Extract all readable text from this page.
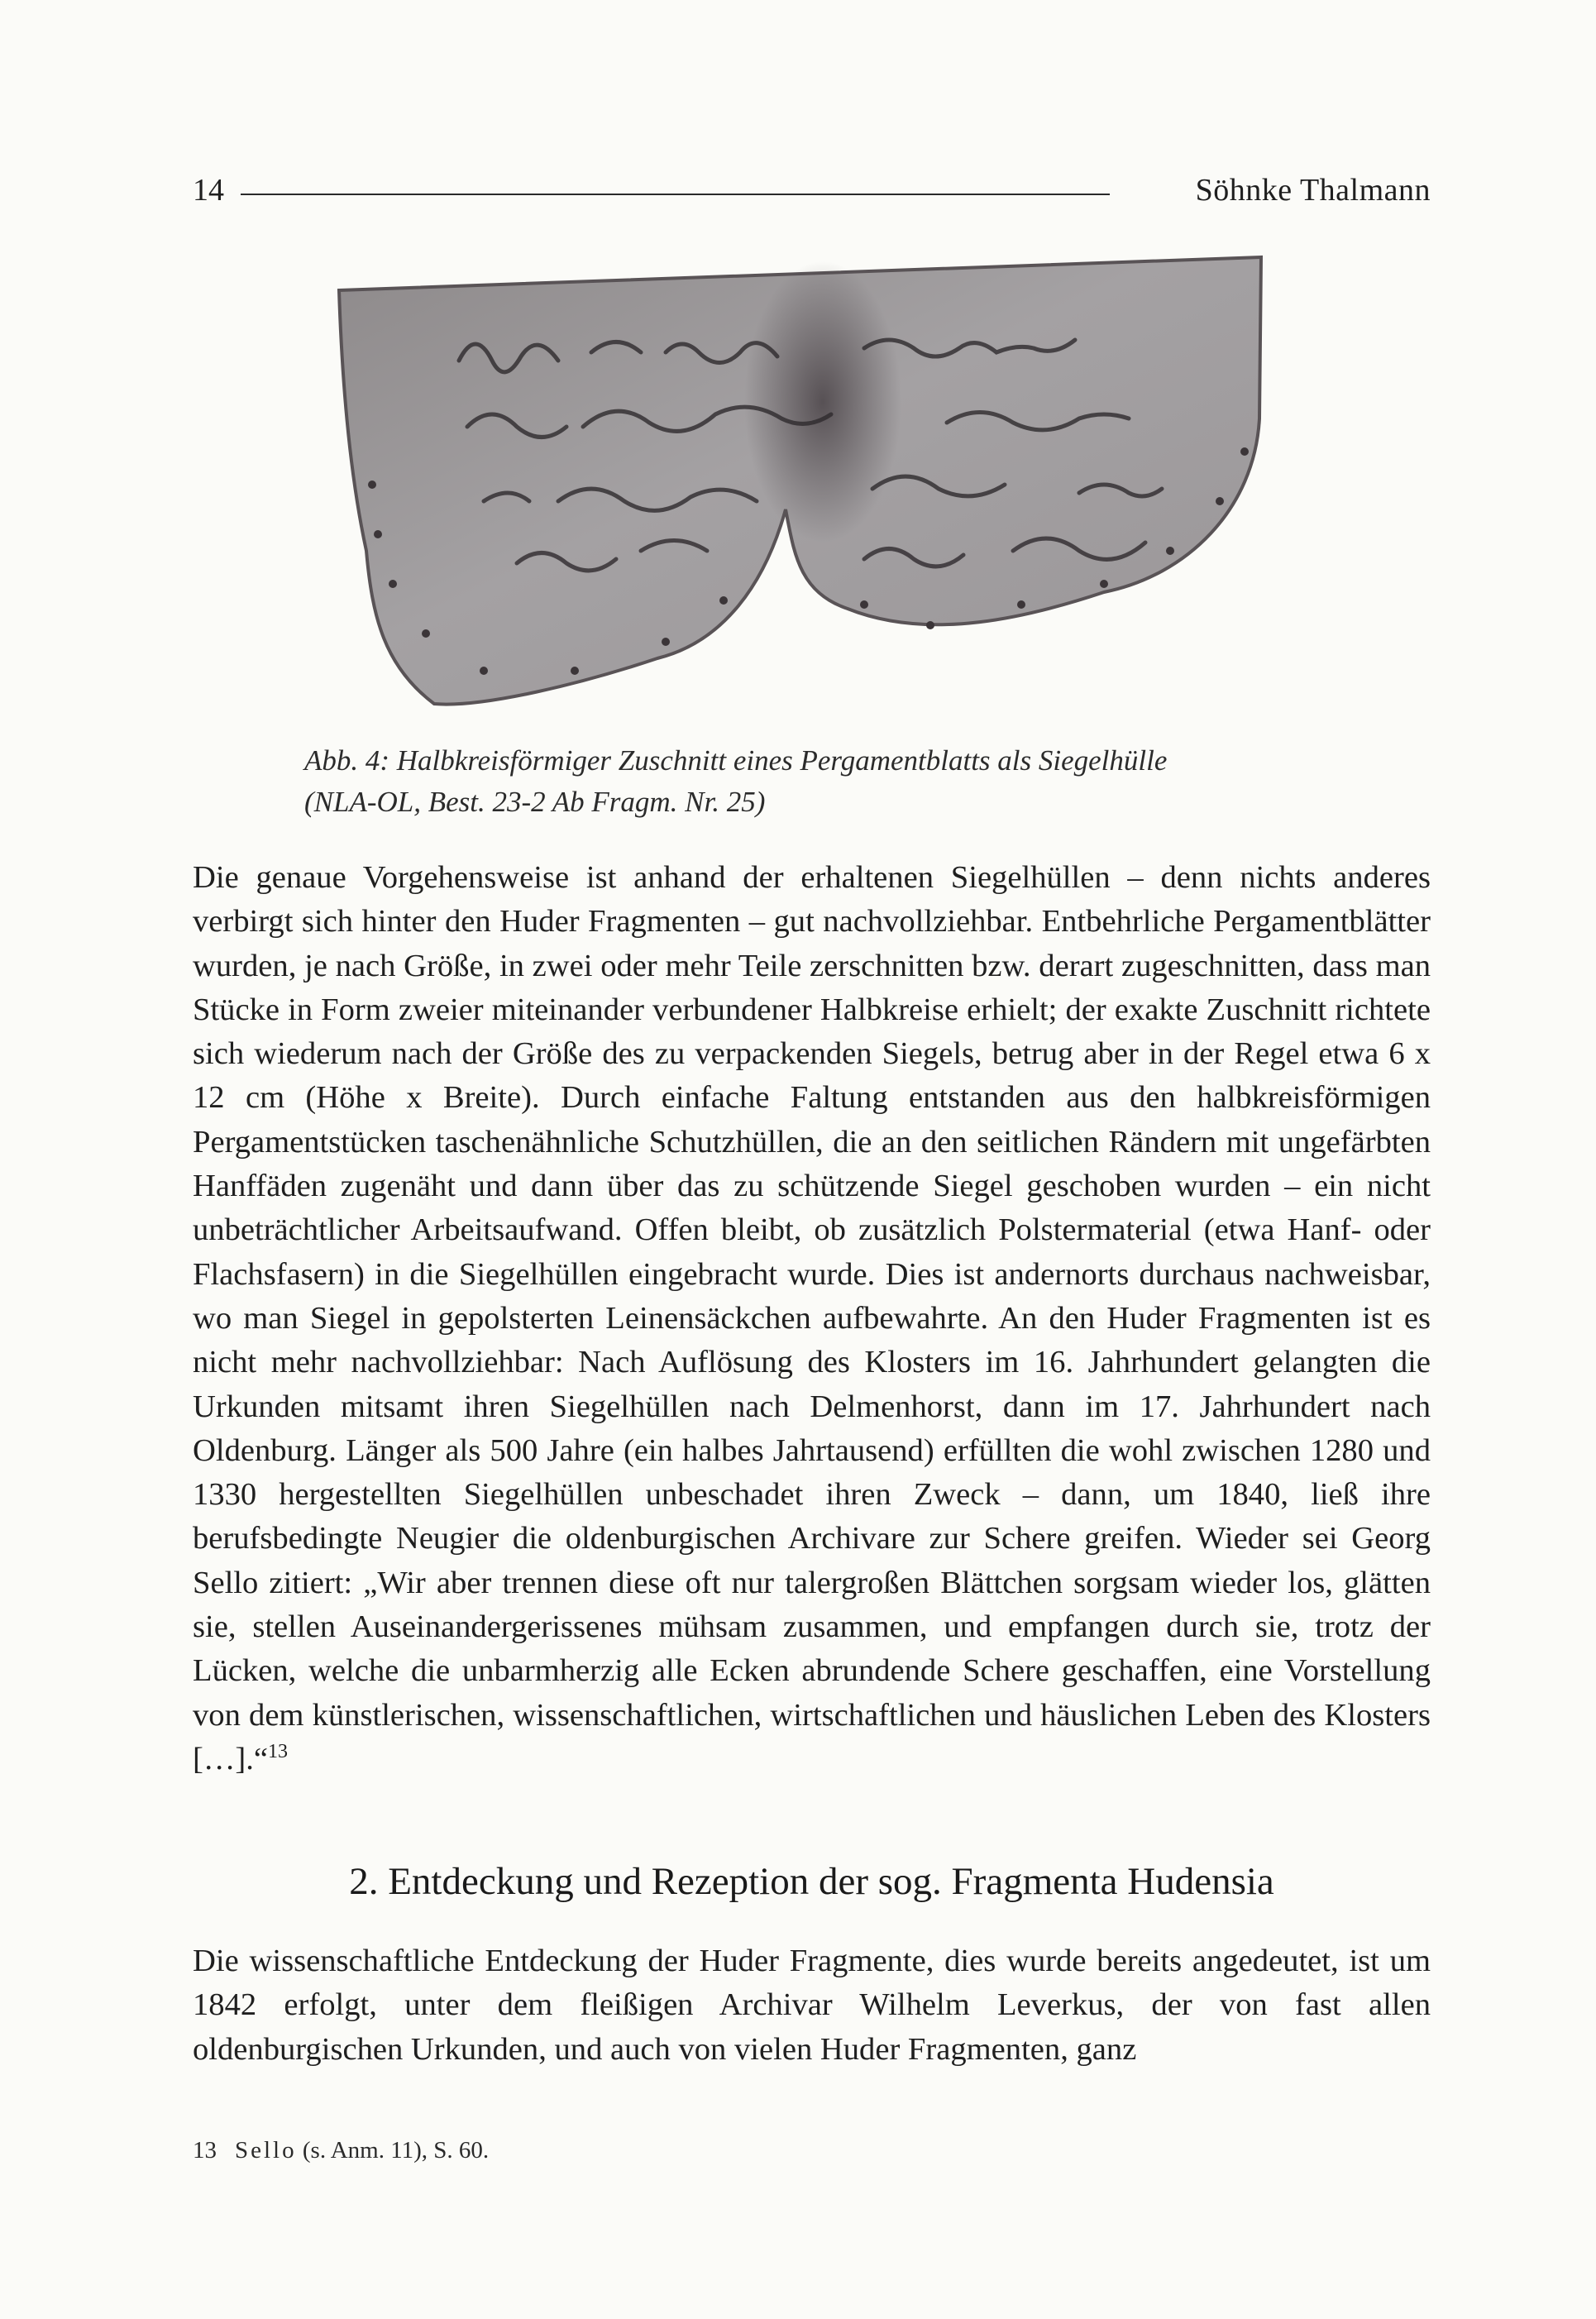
14	Söhnke Thalmann
Abb. 4: Halbkreisförmiger Zuschnitt eines Pergamentblatts als Siegelhülle
(NLA-OL, Best. 23-2 Ab Fragm. Nr. 25)

Die genaue Vorgehensweise ist anhand der erhaltenen Siegelhüllen – denn nichts anderes verbirgt sich hinter den Huder Fragmenten – gut nachvollziehbar. Entbehrliche Pergamentblätter wurden, je nach Größe, in zwei oder mehr Teile zerschnitten bzw. derart zugeschnitten, dass man Stücke in Form zweier miteinander verbundener Halbkreise erhielt; der exakte Zuschnitt richtete sich wiederum nach der Größe des zu verpackenden Siegels, betrug aber in der Regel etwa 6 x 12 cm (Höhe x Breite). Durch einfache Faltung entstanden aus den halbkreisförmigen Pergamentstücken taschenähnliche Schutzhüllen, die an den seitlichen Rändern mit ungefärbten Hanffäden zugenäht und dann über das zu schützende Siegel geschoben wurden – ein nicht unbeträchtlicher Arbeitsaufwand. Offen bleibt, ob zusätzlich Polstermaterial (etwa Hanf- oder Flachsfasern) in die Siegelhüllen eingebracht wurde. Dies ist andernorts durchaus nachweisbar, wo man Siegel in gepolsterten Leinensäckchen aufbewahrte. An den Huder Fragmenten ist es nicht mehr nachvollziehbar: Nach Auflösung des Klosters im 16. Jahrhundert gelangten die Urkunden mitsamt ihren Siegelhüllen nach Delmenhorst, dann im 17. Jahrhundert nach Oldenburg. Länger als 500 Jahre (ein halbes Jahrtausend) erfüllten die wohl zwischen 1280 und 1330 hergestellten Siegelhüllen unbeschadet ihren Zweck – dann, um 1840, ließ ihre berufsbedingte Neugier die oldenburgischen Archivare zur Schere greifen. Wieder sei Georg Sello zitiert: „Wir aber trennen diese oft nur talergroßen Blättchen sorgsam wieder los, glätten sie, stellen Auseinandergerissenes mühsam zusammen, und empfangen durch sie, trotz der Lücken, welche die unbarmherzig alle Ecken abrundende Schere geschaffen, eine Vorstellung von dem künstlerischen, wissenschaftlichen, wirtschaftlichen und häuslichen Leben des Klosters […].“$^{13}$

2. Entdeckung und Rezeption der sog. Fragmenta Hudensia

Die wissenschaftliche Entdeckung der Huder Fragmente, dies wurde bereits angedeutet, ist um 1842 erfolgt, unter dem fleißigen Archivar Wilhelm Leverkus, der von fast allen oldenburgischen Urkunden, und auch von vielen Huder Fragmenten, ganz

13 Sello (s. Anm. 11), S. 60.
